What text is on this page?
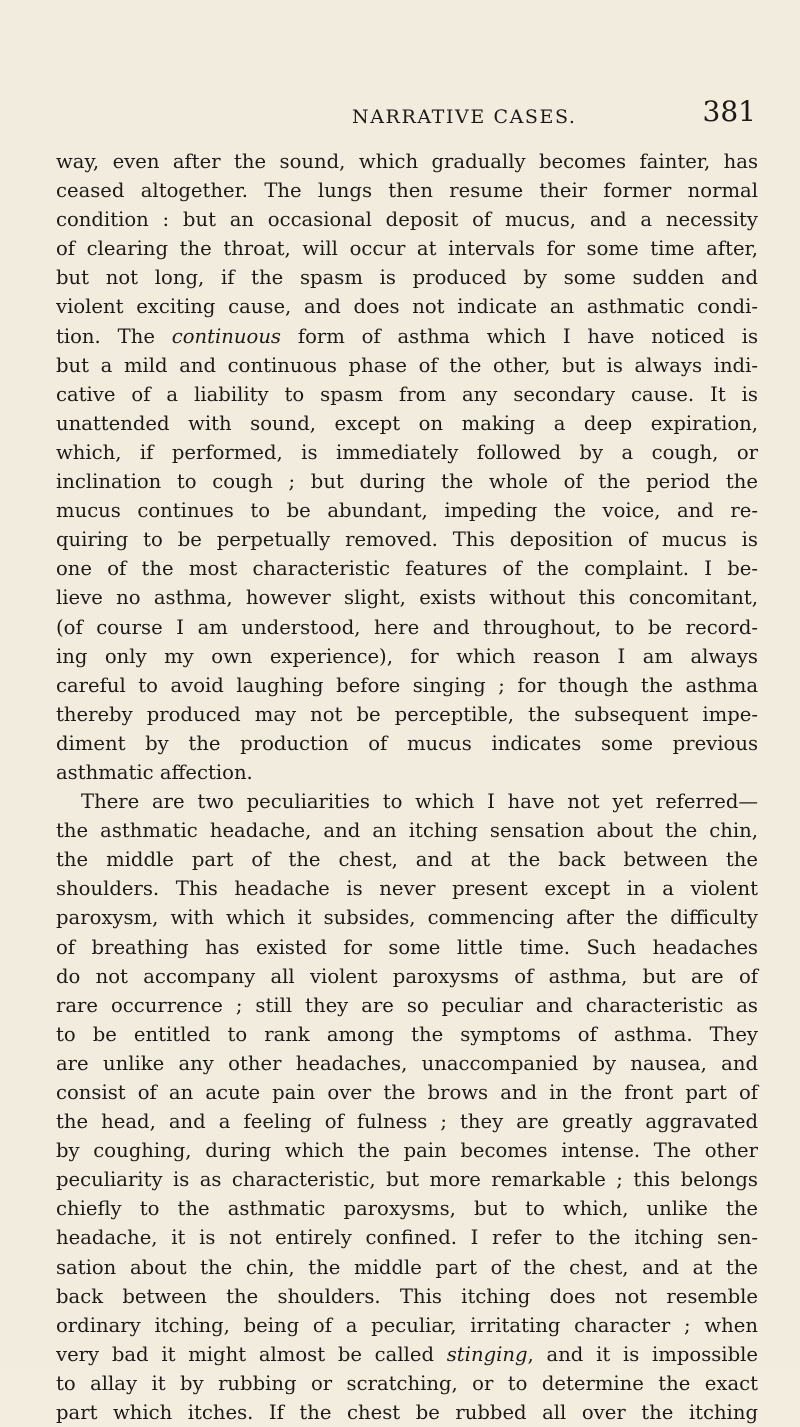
NARRATIVE CASES.	381
way, even after the sound, which gradually becomes fainter, has
ceased altogether. The lungs then resume their former normal
condition : but an occasional deposit of mucus, and a necessity
of clearing the throat, will occur at intervals for some time after,
but not long, if the spasm is produced by some sudden and
violent exciting cause, and does not indicate an asthmatic condi-
tion. The continuous form of asthma which I have noticed is
but a mild and continuous phase of the other, but is always indi-
cative of a liability to spasm from any secondary cause. It is
unattended with sound, except on making a deep expiration,
which, if performed, is immediately followed by a cough, or
inclination to cough ; but during the whole of the period the
mucus continues to be abundant, impeding the voice, and re-
quiring to be perpetually removed. This deposition of mucus is
one of the most characteristic features of the complaint. I be-
lieve no asthma, however slight, exists without this concomitant,
(of course I am understood, here and throughout, to be record-
ing only my own experience), for which reason I am always
careful to avoid laughing before singing ; for though the asthma
thereby produced may not be perceptible, the subsequent impe-
diment by the production of mucus indicates some previous
asthmatic affection.
There are two peculiarities to which I have not yet referred—
the asthmatic headache, and an itching sensation about the chin,
the middle part of the chest, and at the back between the
shoulders. This headache is never present except in a violent
paroxysm, with which it subsides, commencing after the difficulty
of breathing has existed for some little time. Such headaches
do not accompany all violent paroxysms of asthma, but are of
rare occurrence ; still they are so peculiar and characteristic as
to be entitled to rank among the symptoms of asthma. They
are unlike any other headaches, unaccompanied by nausea, and
consist of an acute pain over the brows and in the front part of
the head, and a feeling of fulness ; they are greatly aggravated
by coughing, during which the pain becomes intense. The other
peculiarity is as characteristic, but more remarkable ; this belongs
chiefly to the asthmatic paroxysms, but to which, unlike the
headache, it is not entirely confined. I refer to the itching sen-
sation about the chin, the middle part of the chest, and at the
back between the shoulders. This itching does not resemble
ordinary itching, being of a peculiar, irritating character ; when
very bad it might almost be called stinging, and it is impossible
to allay it by rubbing or scratching, or to determine the exact
part which itches. If the chest be rubbed all over the itching
